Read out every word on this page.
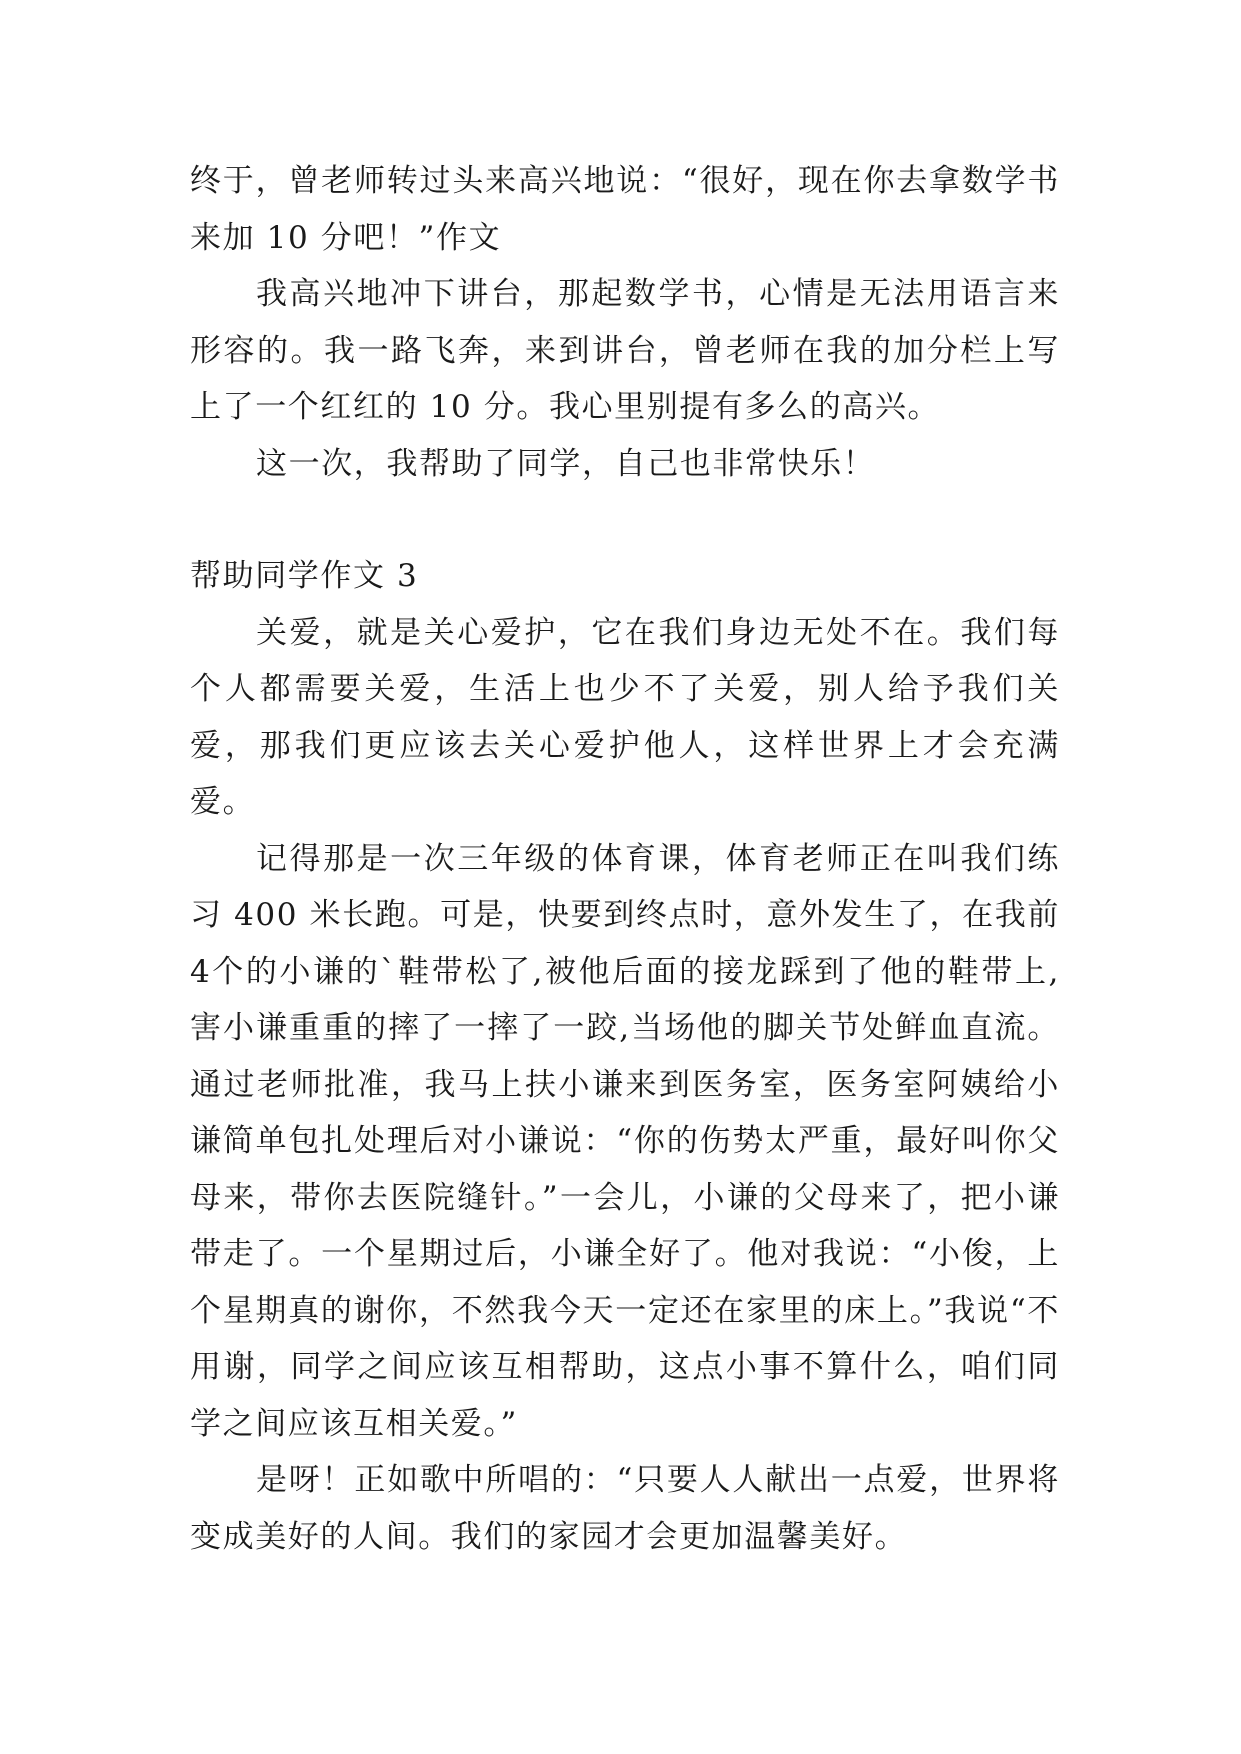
终于，曾老师转过头来高兴地说：“很好，现在你去拿数学书来加 10 分吧！”作文

我高兴地冲下讲台，那起数学书，心情是无法用语言来形容的。我一路飞奔，来到讲台，曾老师在我的加分栏上写上了一个红红的 10 分。我心里别提有多么的高兴。

这一次，我帮助了同学，自己也非常快乐！

帮助同学作文 3

关爱，就是关心爱护，它在我们身边无处不在。我们每个人都需要关爱，生活上也少不了关爱，别人给予我们关爱，那我们更应该去关心爱护他人，这样世界上才会充满爱。

记得那是一次三年级的体育课，体育老师正在叫我们练习 400 米长跑。可是，快要到终点时，意外发生了，在我前4个的小谦的`鞋带松了,被他后面的接龙踩到了他的鞋带上,害小谦重重的摔了一摔了一跤,当场他的脚关节处鲜血直流。通过老师批准，我马上扶小谦来到医务室，医务室阿姨给小谦简单包扎处理后对小谦说：“你的伤势太严重，最好叫你父母来，带你去医院缝针。”一会儿，小谦的父母来了，把小谦带走了。一个星期过后，小谦全好了。他对我说：“小俊，上个星期真的谢你，不然我今天一定还在家里的床上。”我说“不用谢，同学之间应该互相帮助，这点小事不算什么，咱们同学之间应该互相关爱。”

是呀！正如歌中所唱的：“只要人人献出一点爱，世界将变成美好的人间。我们的家园才会更加温馨美好。
